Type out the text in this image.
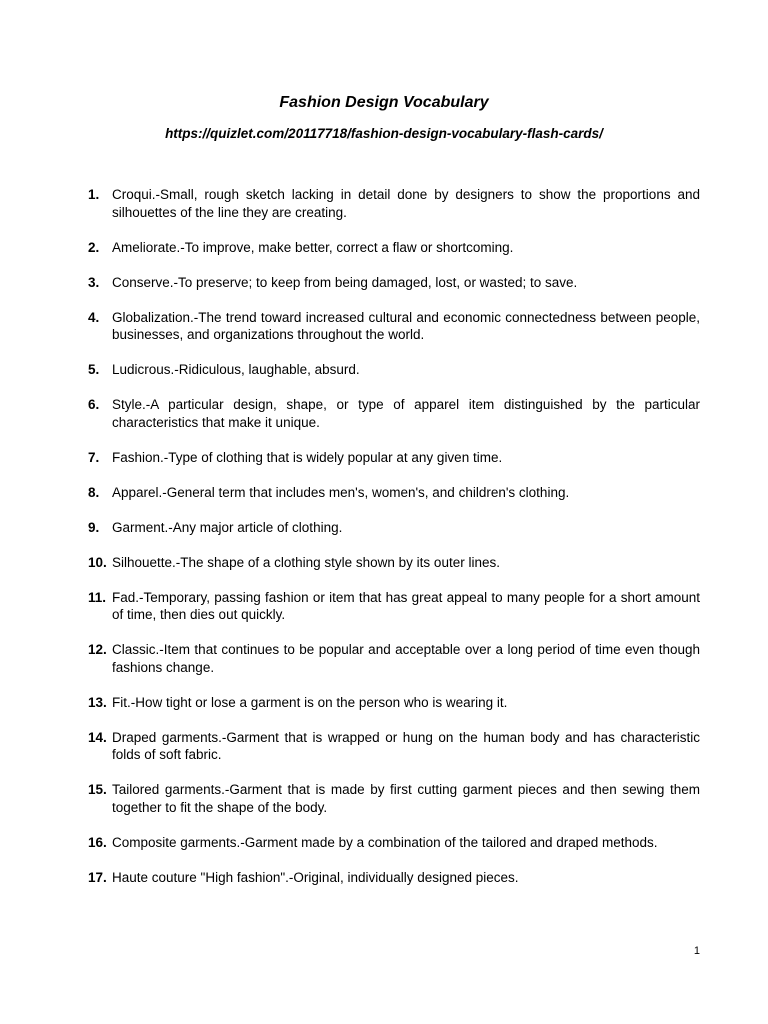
Fashion Design Vocabulary
https://quizlet.com/20117718/fashion-design-vocabulary-flash-cards/
1. Croqui.-Small, rough sketch lacking in detail done by designers to show the proportions and silhouettes of the line they are creating.
2. Ameliorate.-To improve, make better, correct a flaw or shortcoming.
3. Conserve.-To preserve; to keep from being damaged, lost, or wasted; to save.
4. Globalization.-The trend toward increased cultural and economic connectedness between people, businesses, and organizations throughout the world.
5. Ludicrous.-Ridiculous, laughable, absurd.
6. Style.-A particular design, shape, or type of apparel item distinguished by the particular characteristics that make it unique.
7. Fashion.-Type of clothing that is widely popular at any given time.
8. Apparel.-General term that includes men's, women's, and children's clothing.
9. Garment.-Any major article of clothing.
10. Silhouette.-The shape of a clothing style shown by its outer lines.
11. Fad.-Temporary, passing fashion or item that has great appeal to many people for a short amount of time, then dies out quickly.
12. Classic.-Item that continues to be popular and acceptable over a long period of time even though fashions change.
13. Fit.-How tight or lose a garment is on the person who is wearing it.
14. Draped garments.-Garment that is wrapped or hung on the human body and has characteristic folds of soft fabric.
15. Tailored garments.-Garment that is made by first cutting garment pieces and then sewing them together to fit the shape of the body.
16. Composite garments.-Garment made by a combination of the tailored and draped methods.
17. Haute couture "High fashion".-Original, individually designed pieces.
1
